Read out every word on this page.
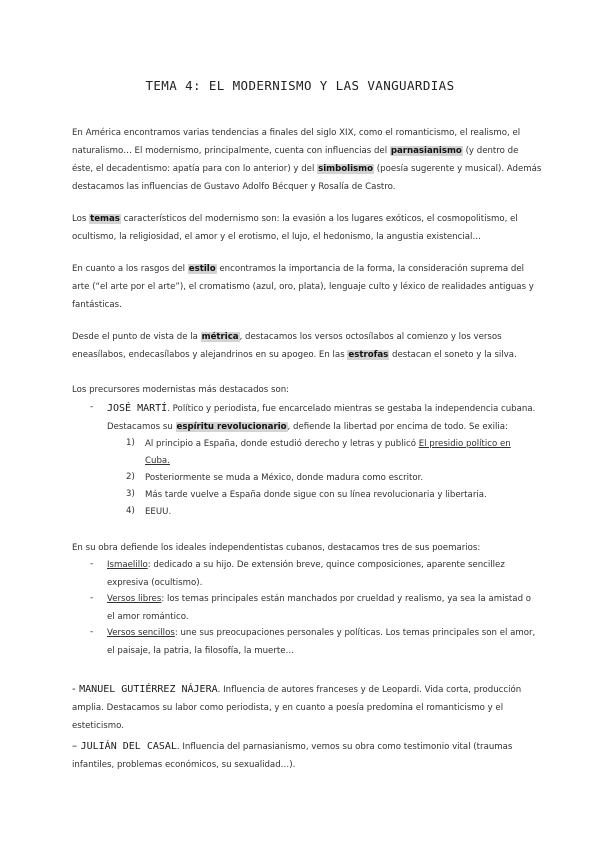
TEMA 4: EL MODERNISMO Y LAS VANGUARDIAS

En América encontramos varias tendencias a finales del siglo XIX, como el romanticismo, el realismo, el naturalismo… El modernismo, principalmente, cuenta con influencias del parnasianismo (y dentro de éste, el decadentismo: apatía para con lo anterior) y del simbolismo (poesía sugerente y musical). Además destacamos las influencias de Gustavo Adolfo Bécquer y Rosalía de Castro.

Los temas característicos del modernismo son: la evasión a los lugares exóticos, el cosmopolitismo, el ocultismo, la religiosidad, el amor y el erotismo, el lujo, el hedonismo, la angustia existencial…

En cuanto a los rasgos del estilo encontramos la importancia de la forma, la consideración suprema del arte (“el arte por el arte”), el cromatismo (azul, oro, plata), lenguaje culto y léxico de realidades antiguas y fantásticas.

Desde el punto de vista de la métrica, destacamos los versos octosílabos al comienzo y los versos eneasílabos, endecasílabos y alejandrinos en su apogeo. En las estrofas destacan el soneto y la silva.

Los precursores modernistas más destacados son:

- JOSÉ MARTÍ. Político y periodista, fue encarcelado mientras se gestaba la independencia cubana. Destacamos su espíritu revolucionario, defiende la libertad por encima de todo. Se exilia:

1) Al principio a España, donde estudió derecho y letras y publicó El presidio político en Cuba.

2) Posteriormente se muda a México, donde madura como escritor.

3) Más tarde vuelve a España donde sigue con su línea revolucionaria y libertaria.

4) EEUU.

En su obra defiende los ideales independentistas cubanos, destacamos tres de sus poemarios:

- Ismaelillo: dedicado a su hijo. De extensión breve, quince composiciones, aparente sencillez expresiva (ocultismo).

- Versos libres: los temas principales están manchados por crueldad y realismo, ya sea la amistad o el amor romántico.

- Versos sencillos: une sus preocupaciones personales y políticas. Los temas principales son el amor, el paisaje, la patria, la filosofía, la muerte…

- MANUEL GUTIÉRREZ NÁJERA. Influencia de autores franceses y de Leopardi. Vida corta, producción amplia. Destacamos su labor como periodista, y en cuanto a poesía predomina el romanticismo y el esteticismo.

– JULIÁN DEL CASAL. Influencia del parnasianismo, vemos su obra como testimonio vital (traumas infantiles, problemas económicos, su sexualidad…).
